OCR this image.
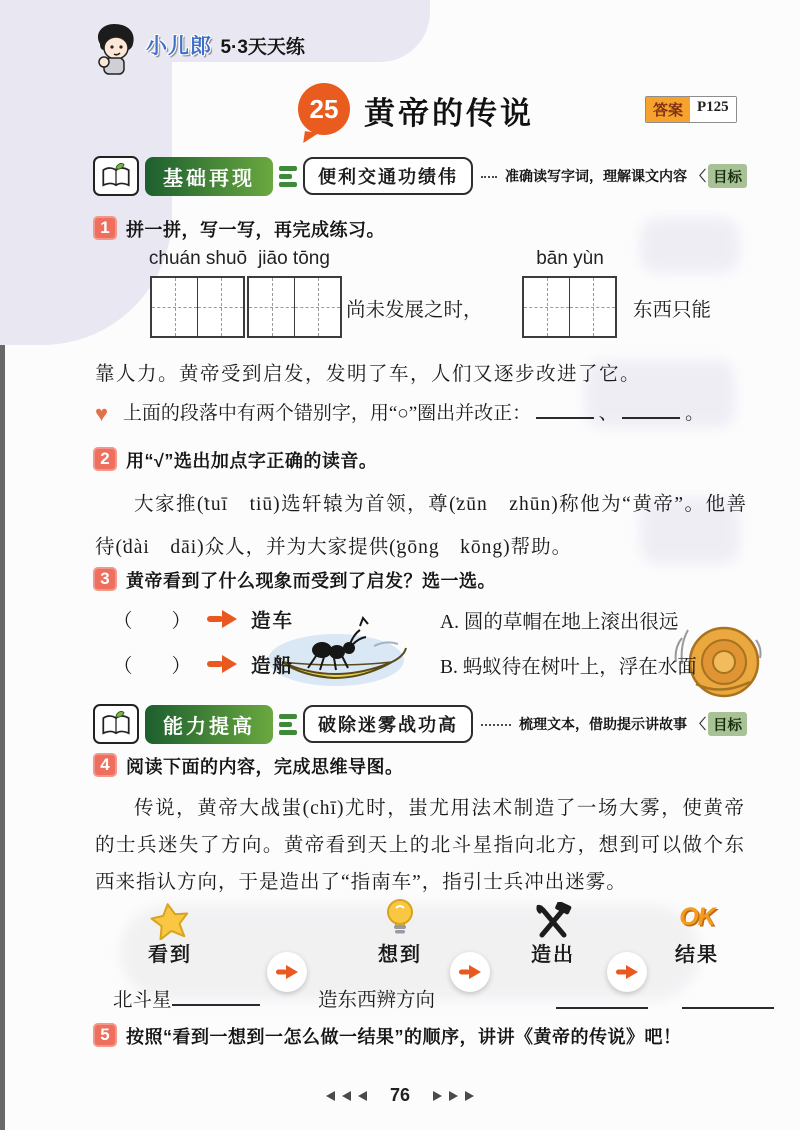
小儿郎 5·3天天练
25 黄帝的传说	答案 P125
基础再现	便利交通功绩伟	准确读写字词，理解课文内容 〈 目标
1 拼一拼，写一写，再完成练习。
chuán shuō jiāo tōng	bān yùn
尚未发展之时，	东西只能
靠人力。黄帝受到启发，发明了车，人们又逐步改进了它。
♥ 上面的段落中有两个错别字，用“○”圈出并改正：	、	。
2 用“√”选出加点字正确的读音。
大家推 •(tuī　tiū)选轩辕为首领，尊 •(zūn　zhūn)称他为“黄帝”。他善待 •(dài　dāi)众人，并为大家提供 •(gōng　kōng)帮助。
3 黄帝看到了什么现象而受到了启发？选一选。
（　　）	造车	A. 圆的草帽在地上滚出很远
（　　）	造船	B. 蚂蚁待在树叶上，浮在水面
能力提高	破除迷雾战功高	梳理文本，借助提示讲故事 〈 目标
4 阅读下面的内容，完成思维导图。
传说，黄帝大战蚩(chī)尤时，蚩尤用法术制造了一场大雾，使黄帝的士兵迷失了方向。黄帝看到天上的北斗星指向北方，想到可以做个东西来指认方向，于是造出了“指南车”，指引士兵冲出迷雾。
OK
看到	想到	造出	结果
北斗星	造东西辨方向
5 按照“看到一想到一怎么做一结果”的顺序，讲讲《黄帝的传说》吧！
76
